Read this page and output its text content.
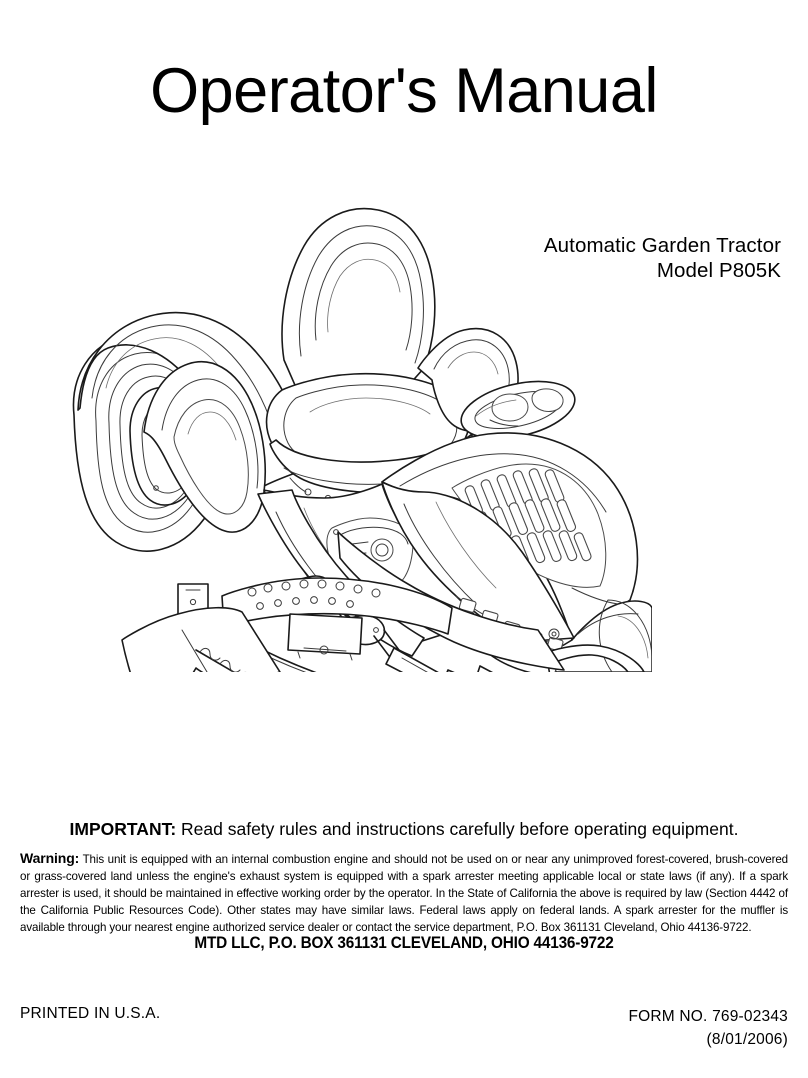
Operator's Manual
Automatic Garden Tractor
Model P805K

IMPORTANT: Read safety rules and instructions carefully before operating equipment.

Warning: This unit is equipped with an internal combustion engine and should not be used on or near any unimproved forest-covered, brush-covered or grass-covered land unless the engine's exhaust system is equipped with a spark arrester meeting applicable local or state laws (if any). If a spark arrester is used, it should be maintained in effective working order by the operator. In the State of California the above is required by law (Section 4442 of the California Public Resources Code). Other states may have similar laws. Federal laws apply on federal lands. A spark arrester for the muffler is available through your nearest engine authorized service dealer or contact the service department, P.O. Box 361131 Cleveland, Ohio 44136-9722.

MTD LLC, P.O. BOX 361131 CLEVELAND, OHIO 44136-9722
PRINTED IN U.S.A.	FORM NO. 769-02343
(8/01/2006)
